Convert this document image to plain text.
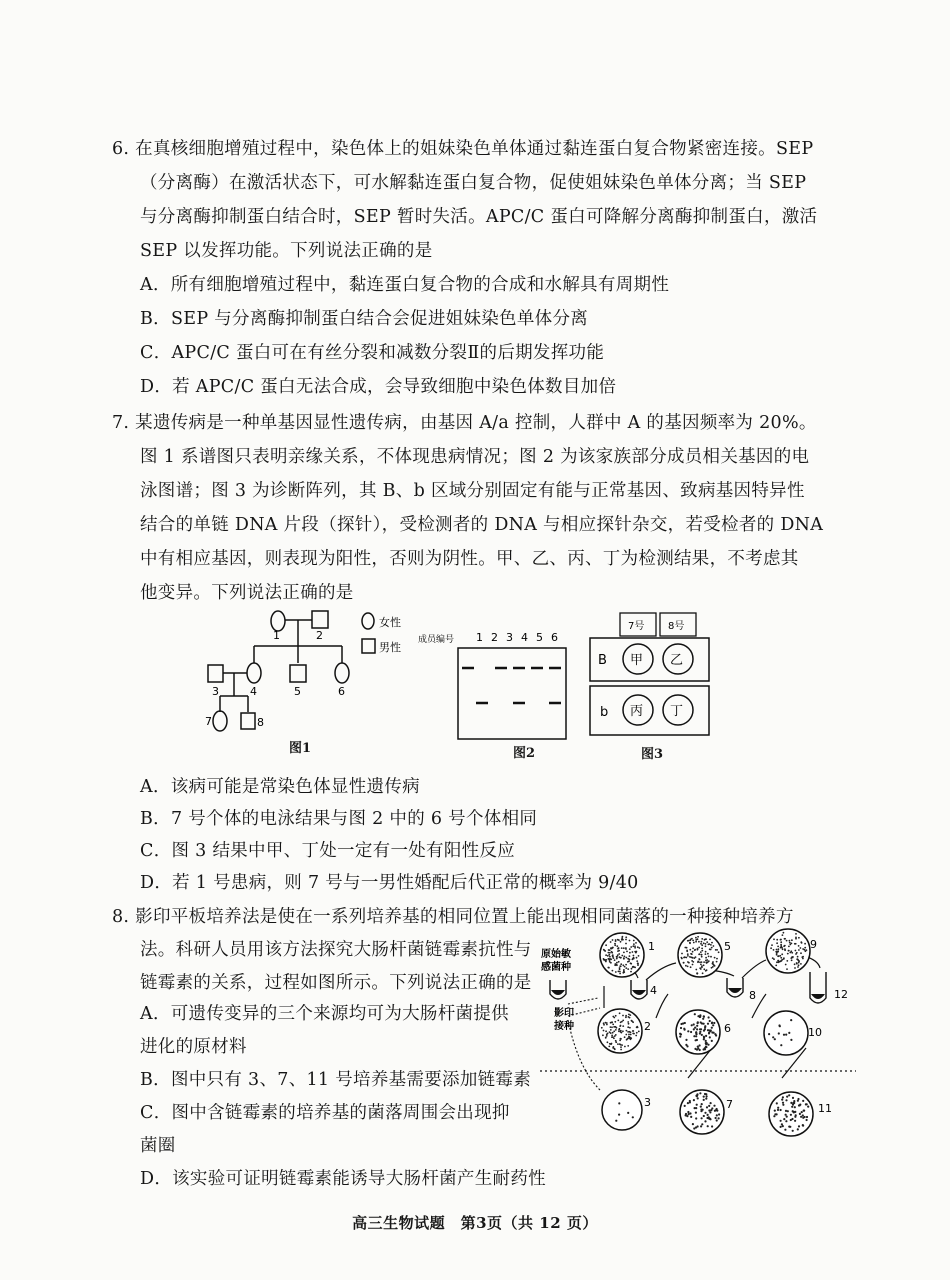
6. 在真核细胞增殖过程中，染色体上的姐妹染色单体通过黏连蛋白复合物紧密连接。SEP
（分离酶）在激活状态下，可水解黏连蛋白复合物，促使姐妹染色单体分离；当 SEP
与分离酶抑制蛋白结合时，SEP 暂时失活。APC/C 蛋白可降解分离酶抑制蛋白，激活
SEP 以发挥功能。下列说法正确的是
A．所有细胞增殖过程中，黏连蛋白复合物的合成和水解具有周期性
B．SEP 与分离酶抑制蛋白结合会促进姐妹染色单体分离
C．APC/C 蛋白可在有丝分裂和减数分裂Ⅱ的后期发挥功能
D．若 APC/C 蛋白无法合成，会导致细胞中染色体数目加倍
7. 某遗传病是一种单基因显性遗传病，由基因 A/a 控制，人群中 A 的基因频率为 20%。
图 1 系谱图只表明亲缘关系，不体现患病情况；图 2 为该家族部分成员相关基因的电
泳图谱；图 3 为诊断阵列，其 B、b 区域分别固定有能与正常基因、致病基因特异性
结合的单链 DNA 片段（探针），受检测者的 DNA 与相应探针杂交，若受检者的 DNA
中有相应基因，则表现为阳性，否则为阴性。甲、乙、丙、丁为检测结果，不考虑其
他变异。下列说法正确的是
1	2
3	4	5	6
7	8
女性
男性
图1
成员编号 1 2 3 4 5 6
图2
7号 8号
B
b
甲 乙
丙 丁
图3
A．该病可能是常染色体显性遗传病
B．7 号个体的电泳结果与图 2 中的 6 号个体相同
C．图 3 结果中甲、丁处一定有一处有阳性反应
D．若 1 号患病，则 7 号与一男性婚配后代正常的概率为 9/40
8. 影印平板培养法是使在一系列培养基的相同位置上能出现相同菌落的一种接种培养方
法。科研人员用该方法探究大肠杆菌链霉素抗性与
链霉素的关系，过程如图所示。下列说法正确的是
A．可遗传变异的三个来源均可为大肠杆菌提供
进化的原材料
B．图中只有 3、7、11 号培养基需要添加链霉素
C．图中含链霉素的培养基的菌落周围会出现抑
菌圈
D．该实验可证明链霉素能诱导大肠杆菌产生耐药性
原始敏
感菌种
影印
接种
1
2
3
4
5
6
7
8
9
10
11
12
高三生物试题　第3页（共 12 页）
